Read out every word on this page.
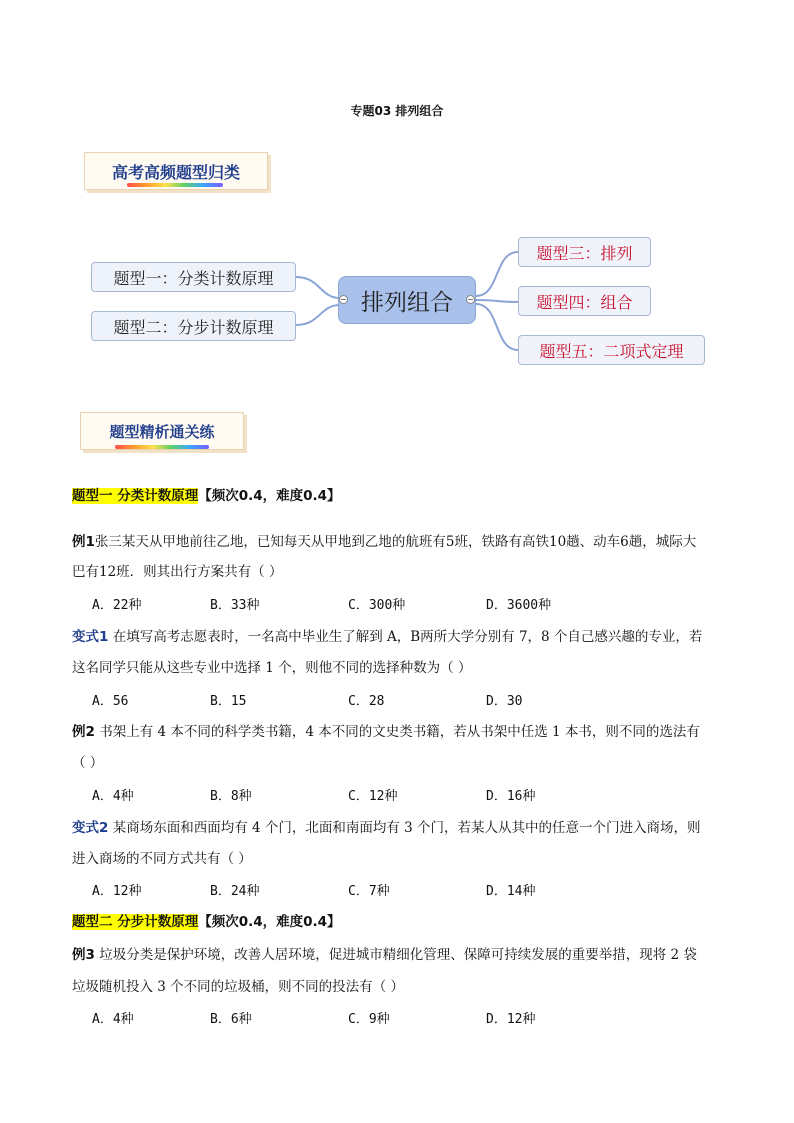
专题03 排列组合
高考高频题型归类
题型一：分类计数原理
题型二：分步计数原理
排列组合
题型三：排列
题型四：组合
题型五：二项式定理
题型精析通关练
题型一 分类计数原理【频次0.4，难度0.4】
例1张三某天从甲地前往乙地，已知每天从甲地到乙地的航班有5班，铁路有高铁10趟、动车6趟，城际大
巴有12班．则其出行方案共有（ ）
A．22种	B．33种	C．300种	D．3600种
变式1 在填写高考志愿表时，一名高中毕业生了解到 A，B两所大学分别有 7，8 个自己感兴趣的专业，若
这名同学只能从这些专业中选择 1 个，则他不同的选择种数为（ ）
A．56	B．15	C．28	D．30
例2 书架上有 4 本不同的科学类书籍，4 本不同的文史类书籍，若从书架中任选 1 本书，则不同的选法有
（ ）
A．4种	B．8种	C．12种	D．16种
变式2 某商场东面和西面均有 4 个门，北面和南面均有 3 个门，若某人从其中的任意一个门进入商场，则
进入商场的不同方式共有（ ）
A．12种	B．24种	C．7种	D．14种
题型二 分步计数原理【频次0.4，难度0.4】
例3 垃圾分类是保护环境，改善人居环境，促进城市精细化管理、保障可持续发展的重要举措，现将 2 袋
垃圾随机投入 3 个不同的垃圾桶，则不同的投法有（ ）
A．4种	B．6种	C．9种	D．12种
